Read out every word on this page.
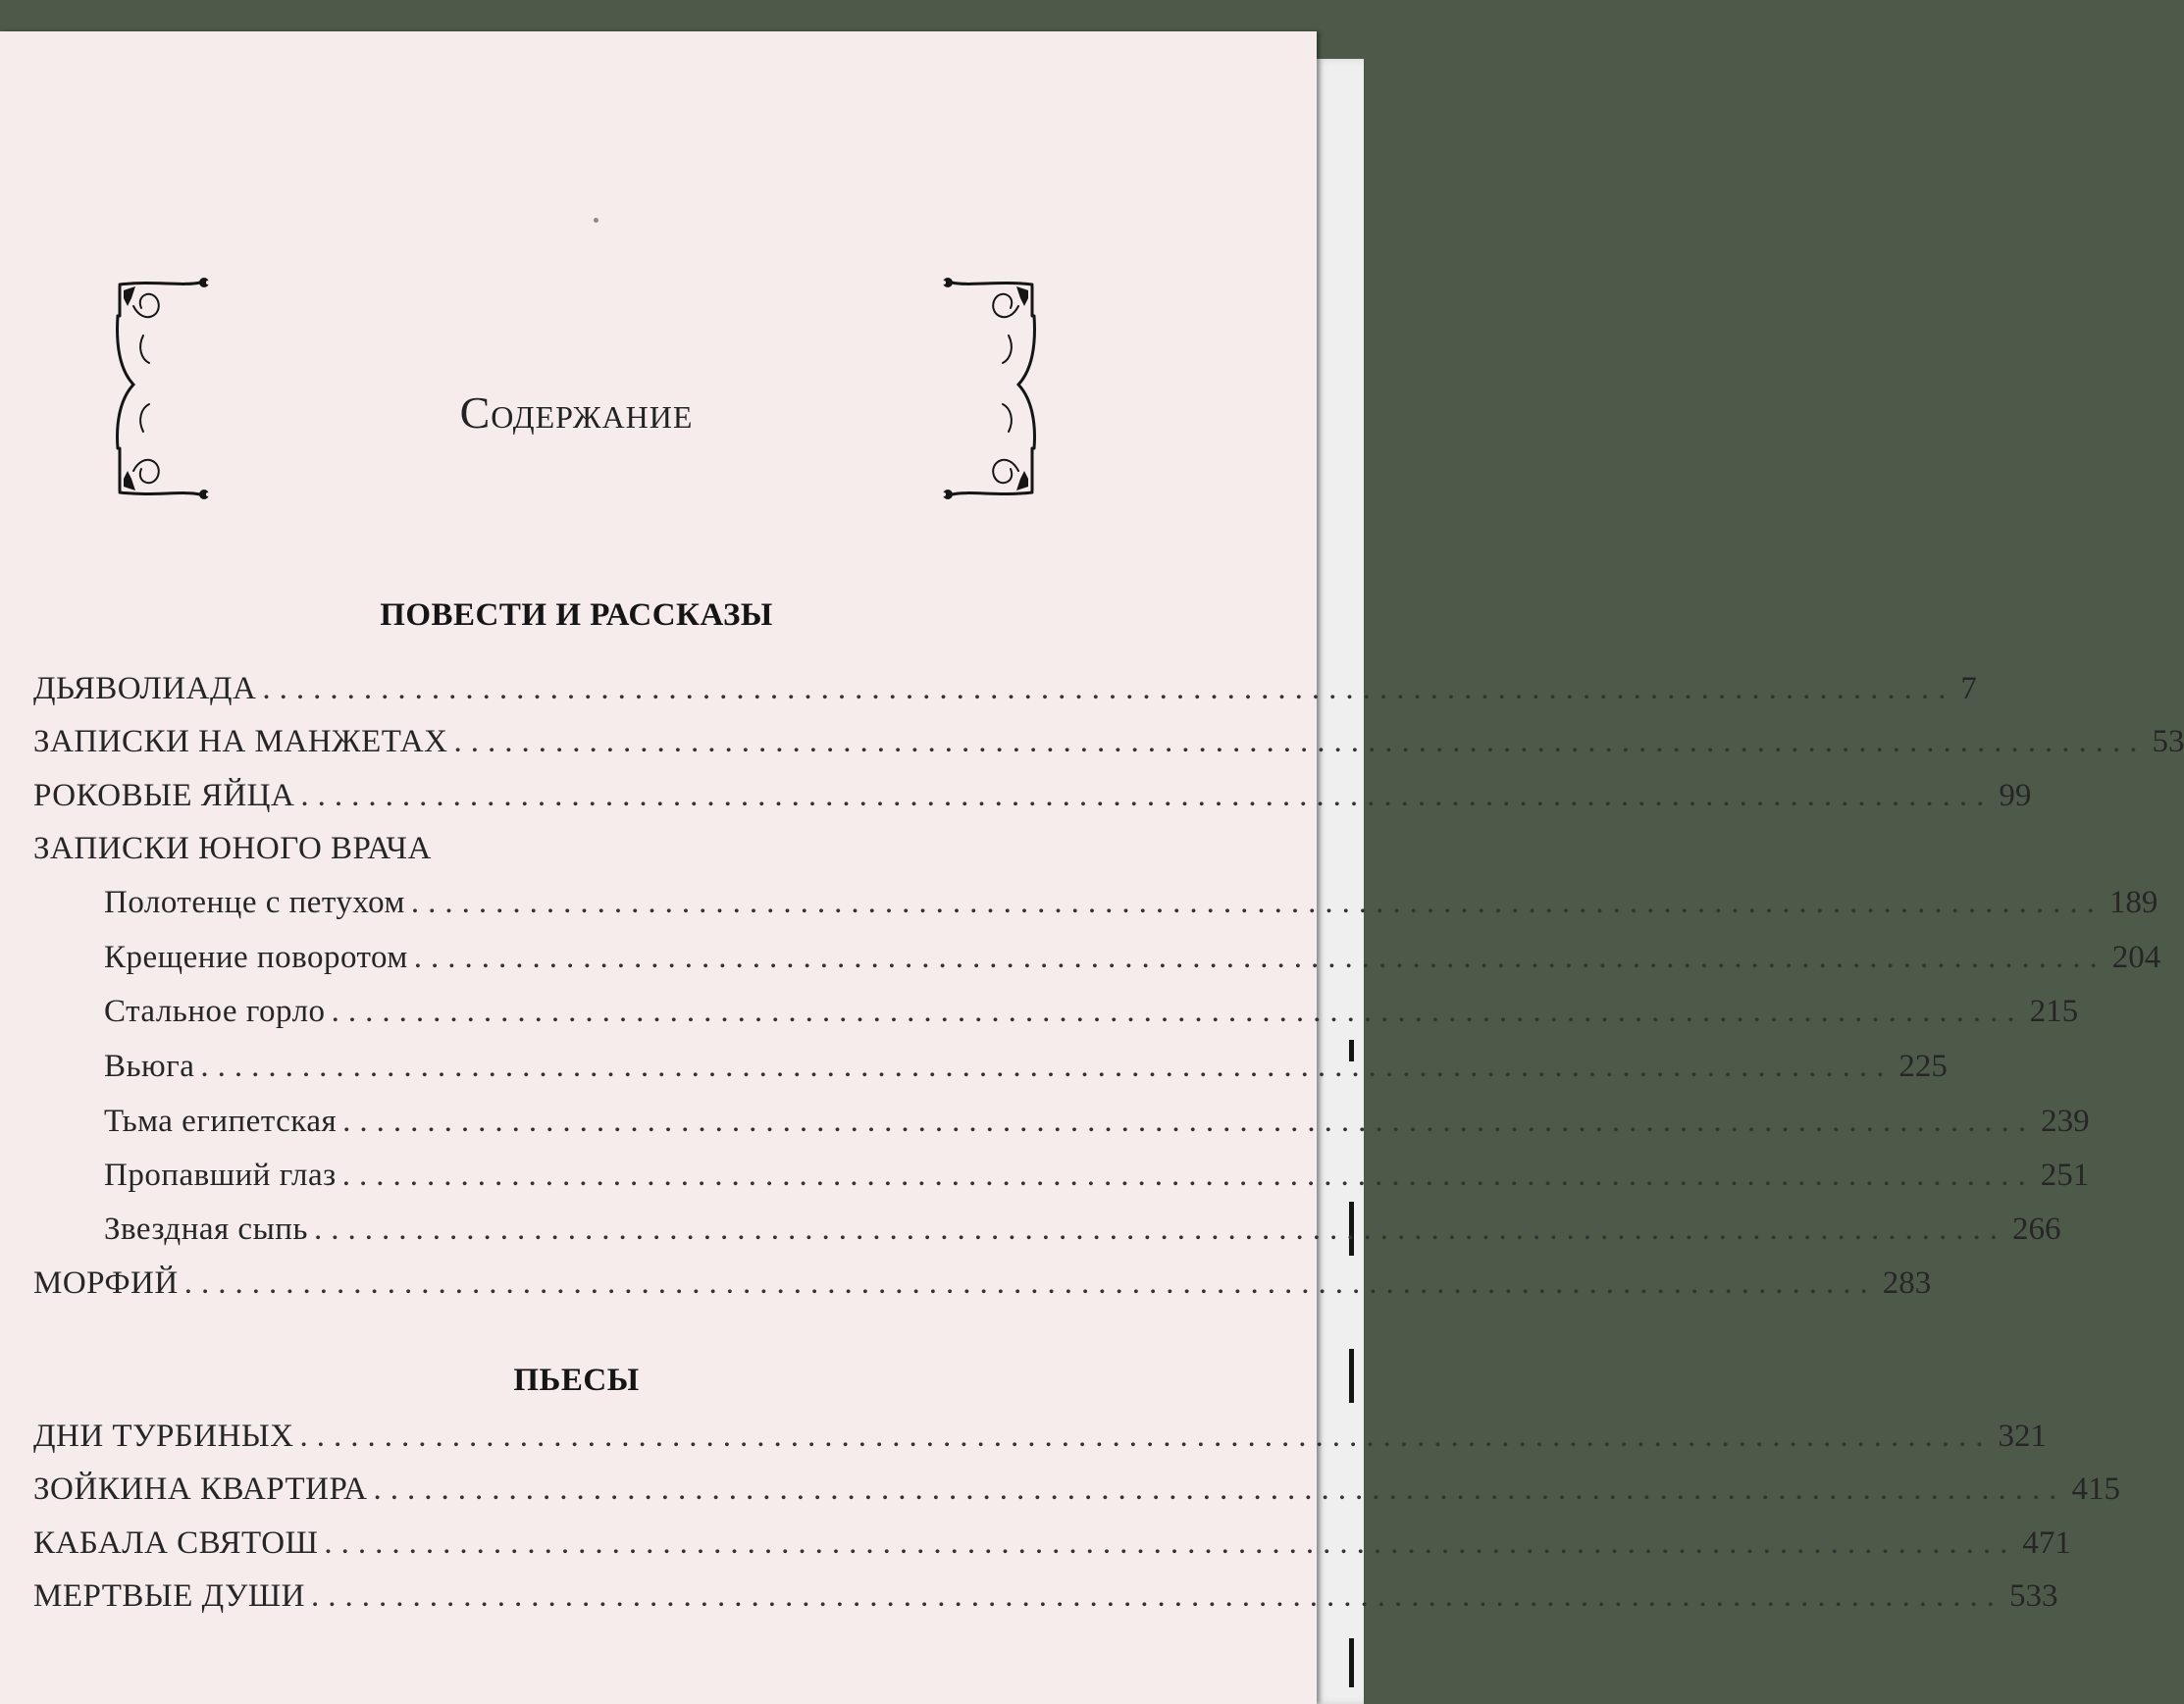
Содержание
ПОВЕСТИ И РАССКАЗЫ
ДЬЯВОЛИАДА .................................................................................................... 7
ЗАПИСКИ НА МАНЖЕТАХ .................................................................................................... 53
РОКОВЫЕ ЯЙЦА .................................................................................................... 99
ЗАПИСКИ ЮНОГО ВРАЧА
Полотенце с петухом .................................................................................................... 189
Крещение поворотом .................................................................................................... 204
Стальное горло .................................................................................................... 215
Вьюга .................................................................................................... 225
Тьма египетская .................................................................................................... 239
Пропавший глаз .................................................................................................... 251
Звездная сыпь .................................................................................................... 266
МОРФИЙ .................................................................................................... 283
ПЬЕСЫ
ДНИ ТУРБИНЫХ .................................................................................................... 321
ЗОЙКИНА КВАРТИРА .................................................................................................... 415
КАБАЛА СВЯТОШ .................................................................................................... 471
МЕРТВЫЕ ДУШИ .................................................................................................... 533
